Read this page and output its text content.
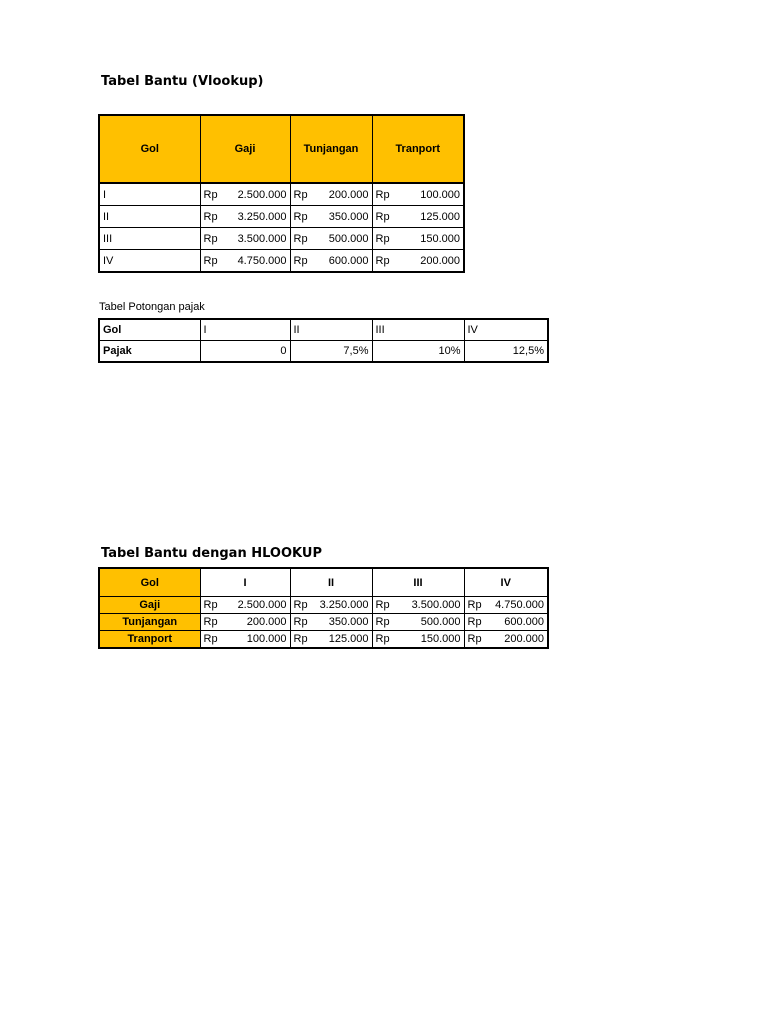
Tabel Bantu (Vlookup)
Gol	Gaji	Tunjangan	Tranport
I	Rp 2.500.000	Rp 200.000	Rp 100.000

II	Rp 3.250.000	Rp 350.000	Rp 125.000

III	Rp 3.500.000	Rp 500.000	Rp 150.000

IV	Rp 4.750.000	Rp 600.000	Rp 200.000
Tabel Potongan pajak
Gol	I	II	III	IV
Pajak	0	7,5%	10%	12,5%
Tabel Bantu dengan HLOOKUP
Gol	I	II	III	IV
Gaji	Rp 2.500.000	Rp 3.250.000	Rp 3.500.000	Rp 4.750.000

Tunjangan	Rp 200.000	Rp 350.000	Rp 500.000	Rp 600.000

Tranport	Rp 100.000	Rp 125.000	Rp 150.000	Rp 200.000
